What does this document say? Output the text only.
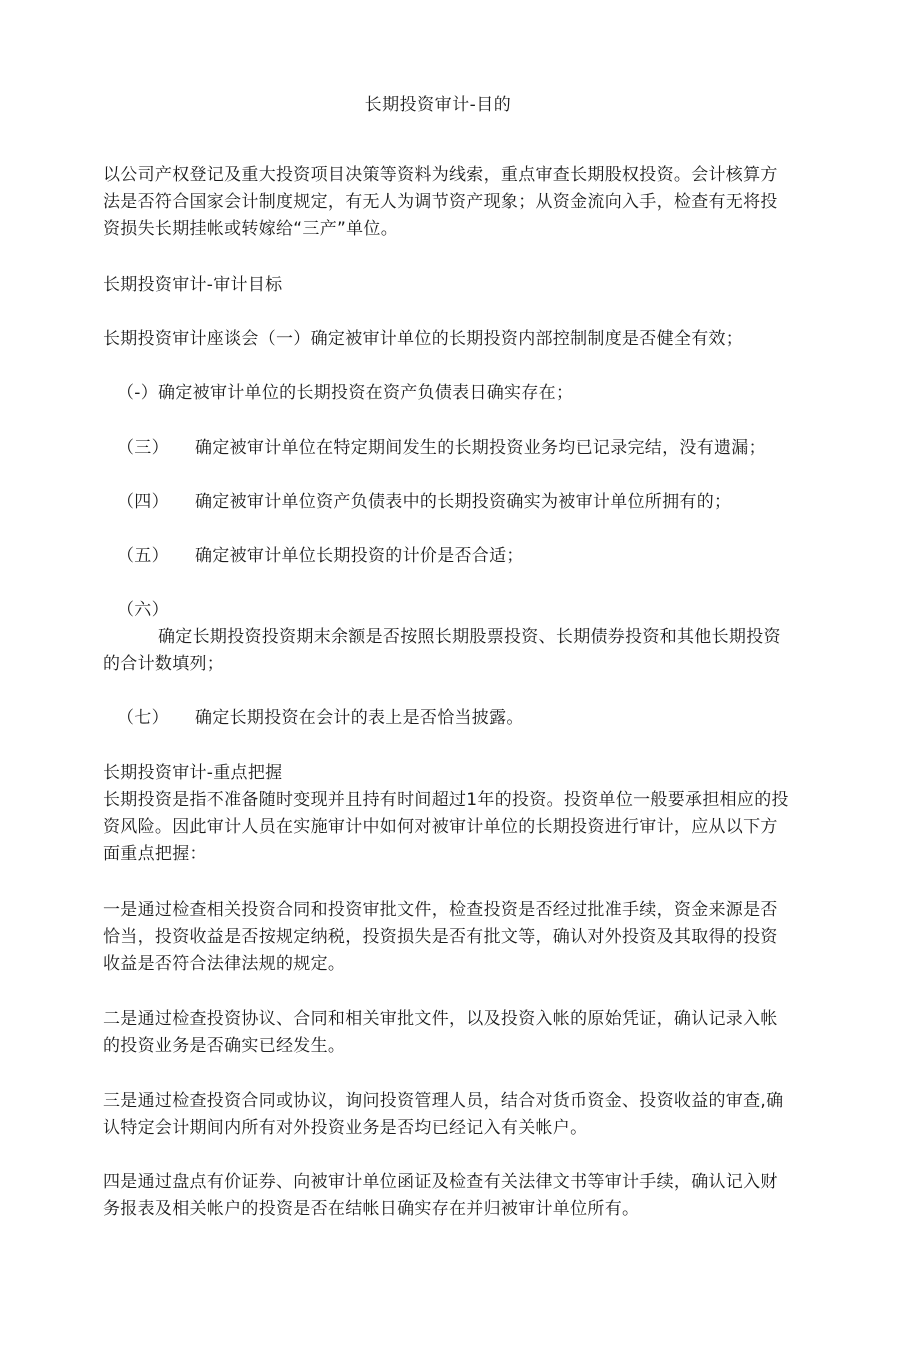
长期投资审计-目的

以公司产权登记及重大投资项目决策等资料为线索，重点审查长期股权投资。会计核算方法是否符合国家会计制度规定，有无人为调节资产现象；从资金流向入手，检查有无将投资损失长期挂帐或转嫁给“三产”单位。

长期投资审计-审计目标

长期投资审计座谈会（一）确定被审计单位的长期投资内部控制制度是否健全有效；

（-）确定被审计单位的长期投资在资产负债表日确实存在；
（三） 确定被审计单位在特定期间发生的长期投资业务均已记录完结，没有遗漏；
（四） 确定被审计单位资产负债表中的长期投资确实为被审计单位所拥有的；
（五） 确定被审计单位长期投资的计价是否合适；
（六）

确定长期投资投资期末余额是否按照长期股票投资、长期债券投资和其他长期投资的合计数填列；

（七） 确定长期投资在会计的表上是否恰当披露。

长期投资审计-重点把握

长期投资是指不准备随时变现并且持有时间超过1年的投资。投资单位一般要承担相应的投资风险。因此审计人员在实施审计中如何对被审计单位的长期投资进行审计，应从以下方面重点把握：

一是通过检查相关投资合同和投资审批文件，检查投资是否经过批准手续，资金来源是否恰当，投资收益是否按规定纳税，投资损失是否有批文等，确认对外投资及其取得的投资收益是否符合法律法规的规定。

二是通过检查投资协议、合同和相关审批文件，以及投资入帐的原始凭证，确认记录入帐的投资业务是否确实已经发生。

三是通过检查投资合同或协议，询问投资管理人员，结合对货币资金、投资收益的审查,确认特定会计期间内所有对外投资业务是否均已经记入有关帐户。

四是通过盘点有价证券、向被审计单位函证及检查有关法律文书等审计手续，确认记入财务报表及相关帐户的投资是否在结帐日确实存在并归被审计单位所有。
